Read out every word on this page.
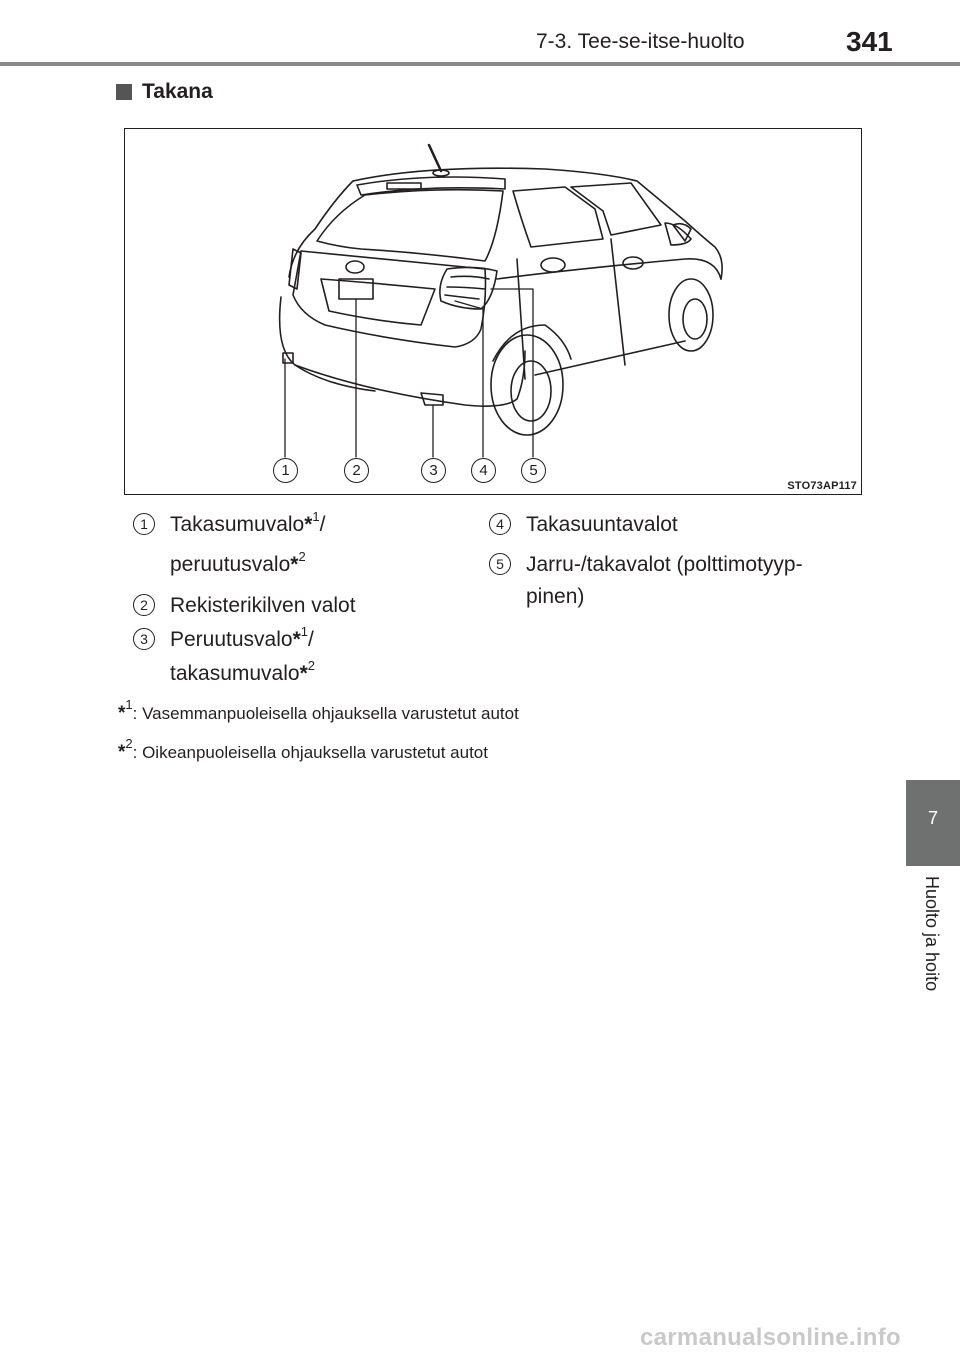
7-3. Tee-se-itse-huolto	341
Takana
1	2	3	4	5
STO73AP117
1	Takasumuvalo*$^1$/
peruutusvalo*$^2$
2	Rekisterikilven valot
3	Peruutusvalo*$^1$/
takasumuvalo*$^2$
4	Takasuuntavalot
5	Jarru-/takavalot (polttimotyyp-
pinen)
*$^1$: Vasemmanpuoleisella ohjauksella varustetut autot
*$^2$: Oikeanpuoleisella ohjauksella varustetut autot
7
Huolto ja hoito
carmanualsonline.info
